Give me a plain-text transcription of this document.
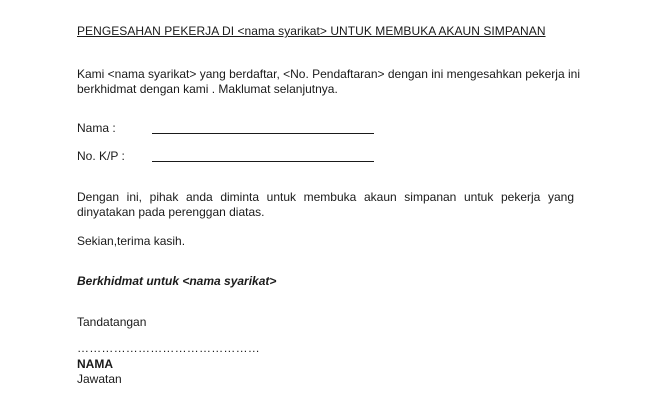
PENGESAHAN PEKERJA DI <nama syarikat> UNTUK MEMBUKA AKAUN SIMPANAN

Kami <nama syarikat> yang berdaftar, <No. Pendaftaran> dengan ini mengesahkan pekerja ini

berkhidmat dengan kami . Maklumat selanjutnya.

Nama :
No. K/P :
Dengan ini, pihak anda diminta untuk membuka akaun simpanan untuk pekerja yang dinyatakan pada perenggan diatas.
Sekian,terima kasih.
Berkhidmat untuk <nama syarikat>
Tandatangan
………………………………………
NAMA
Jawatan
